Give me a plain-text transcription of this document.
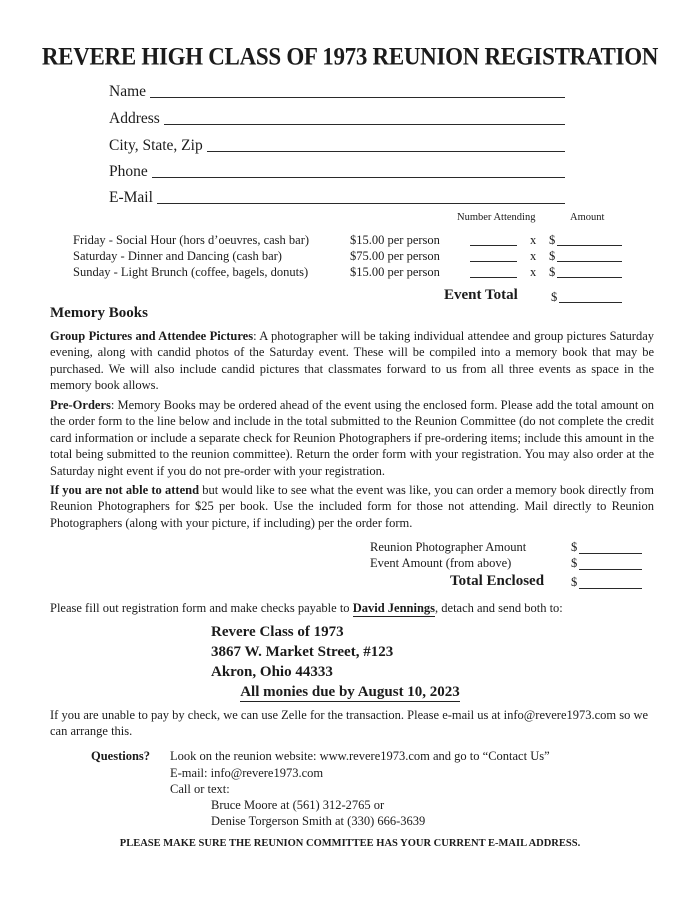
REVERE HIGH CLASS OF 1973 REUNION REGISTRATION
Name
Address
City, State, Zip
Phone
E-Mail
Number Attending	Amount
Friday - Social Hour (hors d’oeuvres, cash bar)	$15.00 per person	x $
Saturday - Dinner and Dancing (cash bar)	$75.00 per person	x $
Sunday - Light Brunch (coffee, bagels, donuts)	$15.00 per person	x $
Event Total	$
Memory Books
Group Pictures and Attendee Pictures: A photographer will be taking individual attendee and group pictures Saturday evening, along with candid photos of the Saturday event. These will be compiled into a memory book that may be purchased. We will also include candid pictures that classmates forward to us from all three events as space in the memory book allows.
Pre-Orders: Memory Books may be ordered ahead of the event using the enclosed form. Please add the total amount on the order form to the line below and include in the total submitted to the Reunion Committee (do not complete the credit card information or include a separate check for Reunion Photographers if pre-ordering items; include this amount in the total being submitted to the reunion committee). Return the order form with your registration. You may also order at the Saturday night event if you do not pre-order with your registration.
If you are not able to attend but would like to see what the event was like, you can order a memory book directly from Reunion Photographers for $25 per book. Use the included form for those not attending. Mail directly to Reunion Photographers (along with your picture, if including) per the order form.
Reunion Photographer Amount	$
Event Amount (from above)	$
Total Enclosed $
Please fill out registration form and make checks payable to David Jennings, detach and send both to:
Revere Class of 1973
3867 W. Market Street, #123
Akron, Ohio 44333
All monies due by August 10, 2023
If you are unable to pay by check, we can use Zelle for the transaction. Please e-mail us at info@revere1973.com so we can arrange this.
Questions? Look on the reunion website: www.revere1973.com and go to “Contact Us”
E-mail: info@revere1973.com
Call or text:
Bruce Moore at (561) 312-2765 or
Denise Torgerson Smith at (330) 666-3639
PLEASE MAKE SURE THE REUNION COMMITTEE HAS YOUR CURRENT E-MAIL ADDRESS.
